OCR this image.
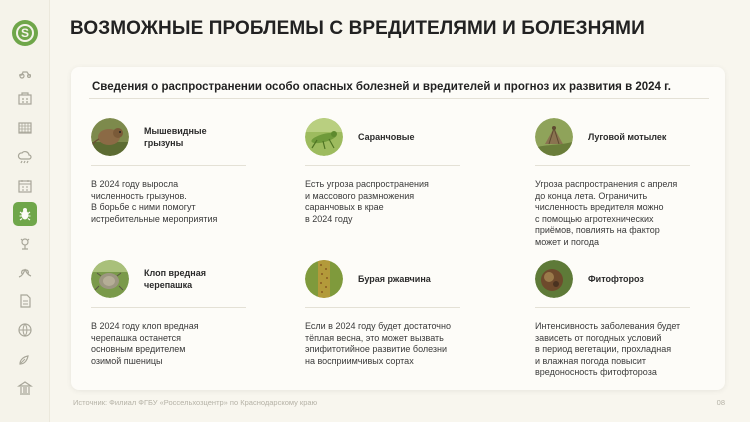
S ВОЗМОЖНЫЕ ПРОБЛЕМЫ С ВРЕДИТЕЛЯМИ И БОЛЕЗНЯМИ
Сведения о распространении особо опасных болезней и вредителей и прогноз их развития в 2024 г.
Мышевидные
грызуны
В 2024 году выросла
численность грызунов.
В борьбе с ними помогут
истребительные мероприятия
Саранчовые
Есть угроза распространения
и массового размножения
саранчовых в крае
в 2024 году
Луговой мотылек
Угроза распространения с апреля
до конца лета. Ограничить
численность вредителя можно
с помощью агротехнических
приёмов, повлиять на фактор
может и погода
Клоп вредная
черепашка
В 2024 году клоп вредная
черепашка останется
основным вредителем
озимой пшеницы
Бурая ржавчина
Если в 2024 году будет достаточно
тёплая весна, это может вызвать
эпифитотийное развитие болезни
на восприимчивых сортах
Фитофтороз
Интенсивность заболевания будет
зависеть от погодных условий
в период вегетации, прохладная
и влажная погода повысит
вредоносность фитофтороза
Источник: Филиал ФГБУ «Россельхозцентр» по Краснодарскому краю	08
